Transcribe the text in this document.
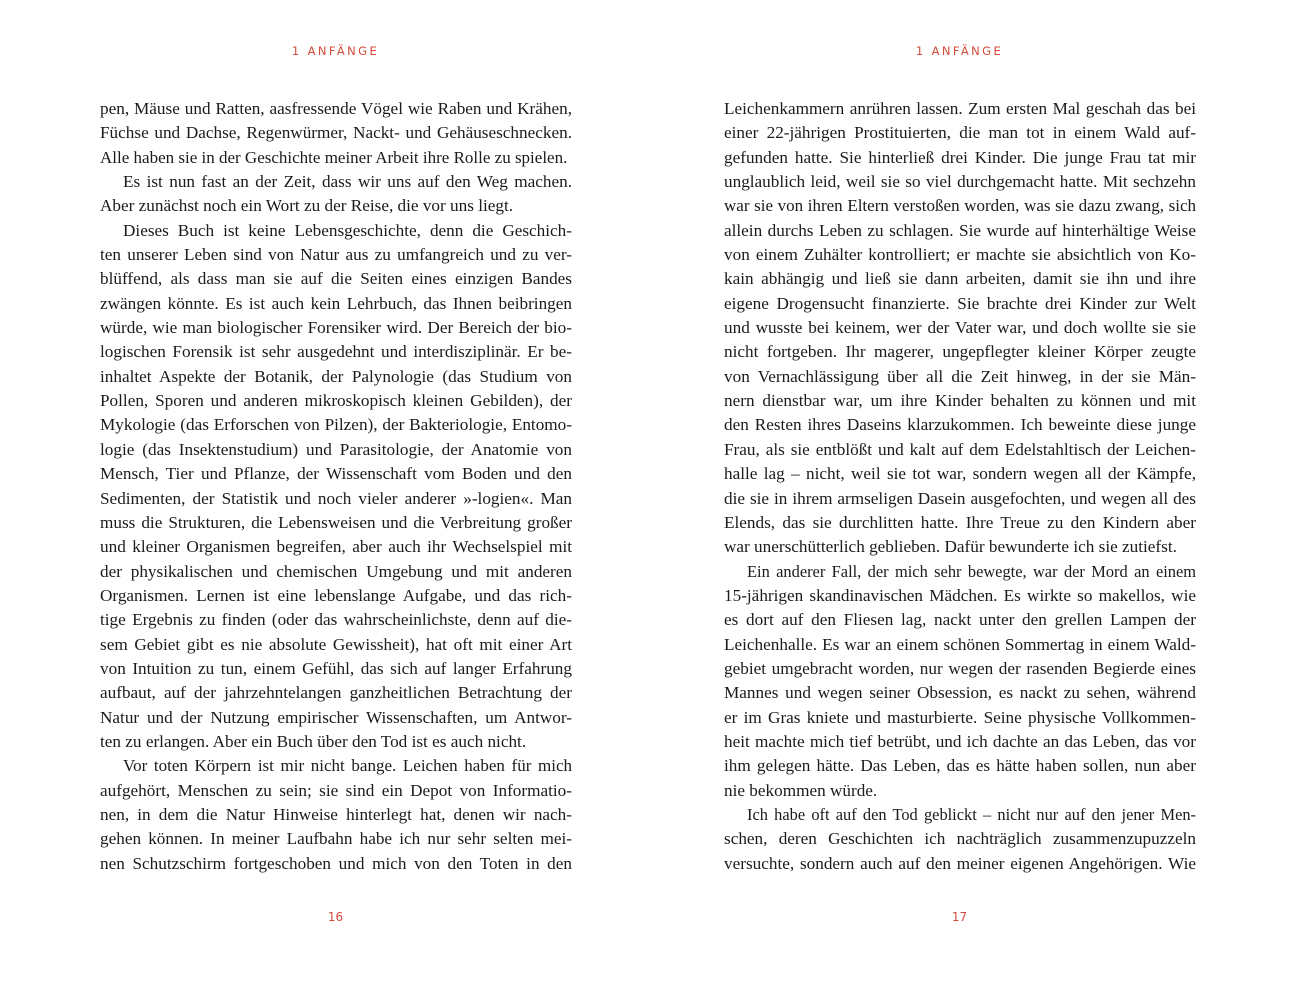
1 ANFÄNGE
pen, Mäuse und Ratten, aasfressende Vögel wie Raben und Krähen,
Füchse und Dachse, Regenwürmer, Nackt- und Gehäuseschnecken.
Alle haben sie in der Geschichte meiner Arbeit ihre Rolle zu spielen.
Es ist nun fast an der Zeit, dass wir uns auf den Weg machen.
Aber zunächst noch ein Wort zu der Reise, die vor uns liegt.
Dieses Buch ist keine Lebensgeschichte, denn die Geschich-
ten unserer Leben sind von Natur aus zu umfangreich und zu ver-
blüffend, als dass man sie auf die Seiten eines einzigen Bandes
zwängen könnte. Es ist auch kein Lehrbuch, das Ihnen beibringen
würde, wie man biologischer Forensiker wird. Der Bereich der bio-
logischen Forensik ist sehr ausgedehnt und interdisziplinär. Er be-
inhaltet Aspekte der Botanik, der Palynologie (das Studium von
Pollen, Sporen und anderen mikroskopisch kleinen Gebilden), der
Mykologie (das Erforschen von Pilzen), der Bakteriologie, Entomo-
logie (das Insektenstudium) und Parasitologie, der Anatomie von
Mensch, Tier und Pflanze, der Wissenschaft vom Boden und den
Sedimenten, der Statistik und noch vieler anderer »-logien«. Man
muss die Strukturen, die Lebensweisen und die Verbreitung großer
und kleiner Organismen begreifen, aber auch ihr Wechselspiel mit
der physikalischen und chemischen Umgebung und mit anderen
Organismen. Lernen ist eine lebenslange Aufgabe, und das rich-
tige Ergebnis zu finden (oder das wahrscheinlichste, denn auf die-
sem Gebiet gibt es nie absolute Gewissheit), hat oft mit einer Art
von Intuition zu tun, einem Gefühl, das sich auf langer Erfahrung
aufbaut, auf der jahrzehntelangen ganzheitlichen Betrachtung der
Natur und der Nutzung empirischer Wissenschaften, um Antwor-
ten zu erlangen. Aber ein Buch über den Tod ist es auch nicht.
Vor toten Körpern ist mir nicht bange. Leichen haben für mich
aufgehört, Menschen zu sein; sie sind ein Depot von Informatio-
nen, in dem die Natur Hinweise hinterlegt hat, denen wir nach-
gehen können. In meiner Laufbahn habe ich nur sehr selten mei-
nen Schutzschirm fortgeschoben und mich von den Toten in den
16
1 ANFÄNGE
Leichenkammern anrühren lassen. Zum ersten Mal geschah das bei
einer 22-jährigen Prostituierten, die man tot in einem Wald auf-
gefunden hatte. Sie hinterließ drei Kinder. Die junge Frau tat mir
unglaublich leid, weil sie so viel durchgemacht hatte. Mit sechzehn
war sie von ihren Eltern verstoßen worden, was sie dazu zwang, sich
allein durchs Leben zu schlagen. Sie wurde auf hinterhältige Weise
von einem Zuhälter kontrolliert; er machte sie absichtlich von Ko-
kain abhängig und ließ sie dann arbeiten, damit sie ihn und ihre
eigene Drogensucht finanzierte. Sie brachte drei Kinder zur Welt
und wusste bei keinem, wer der Vater war, und doch wollte sie sie
nicht fortgeben. Ihr magerer, ungepflegter kleiner Körper zeugte
von Vernachlässigung über all die Zeit hinweg, in der sie Män-
nern dienstbar war, um ihre Kinder behalten zu können und mit
den Resten ihres Daseins klarzukommen. Ich beweinte diese junge
Frau, als sie entblößt und kalt auf dem Edelstahltisch der Leichen-
halle lag – nicht, weil sie tot war, sondern wegen all der Kämpfe,
die sie in ihrem armseligen Dasein ausgefochten, und wegen all des
Elends, das sie durchlitten hatte. Ihre Treue zu den Kindern aber
war unerschütterlich geblieben. Dafür bewunderte ich sie zutiefst.
Ein anderer Fall, der mich sehr bewegte, war der Mord an einem
15-jährigen skandinavischen Mädchen. Es wirkte so makellos, wie
es dort auf den Fliesen lag, nackt unter den grellen Lampen der
Leichenhalle. Es war an einem schönen Sommertag in einem Wald-
gebiet umgebracht worden, nur wegen der rasenden Begierde eines
Mannes und wegen seiner Obsession, es nackt zu sehen, während
er im Gras kniete und masturbierte. Seine physische Vollkommen-
heit machte mich tief betrübt, und ich dachte an das Leben, das vor
ihm gelegen hätte. Das Leben, das es hätte haben sollen, nun aber
nie bekommen würde.
Ich habe oft auf den Tod geblickt – nicht nur auf den jener Men-
schen, deren Geschichten ich nachträglich zusammenzupuzzeln
versuchte, sondern auch auf den meiner eigenen Angehörigen. Wie
17
